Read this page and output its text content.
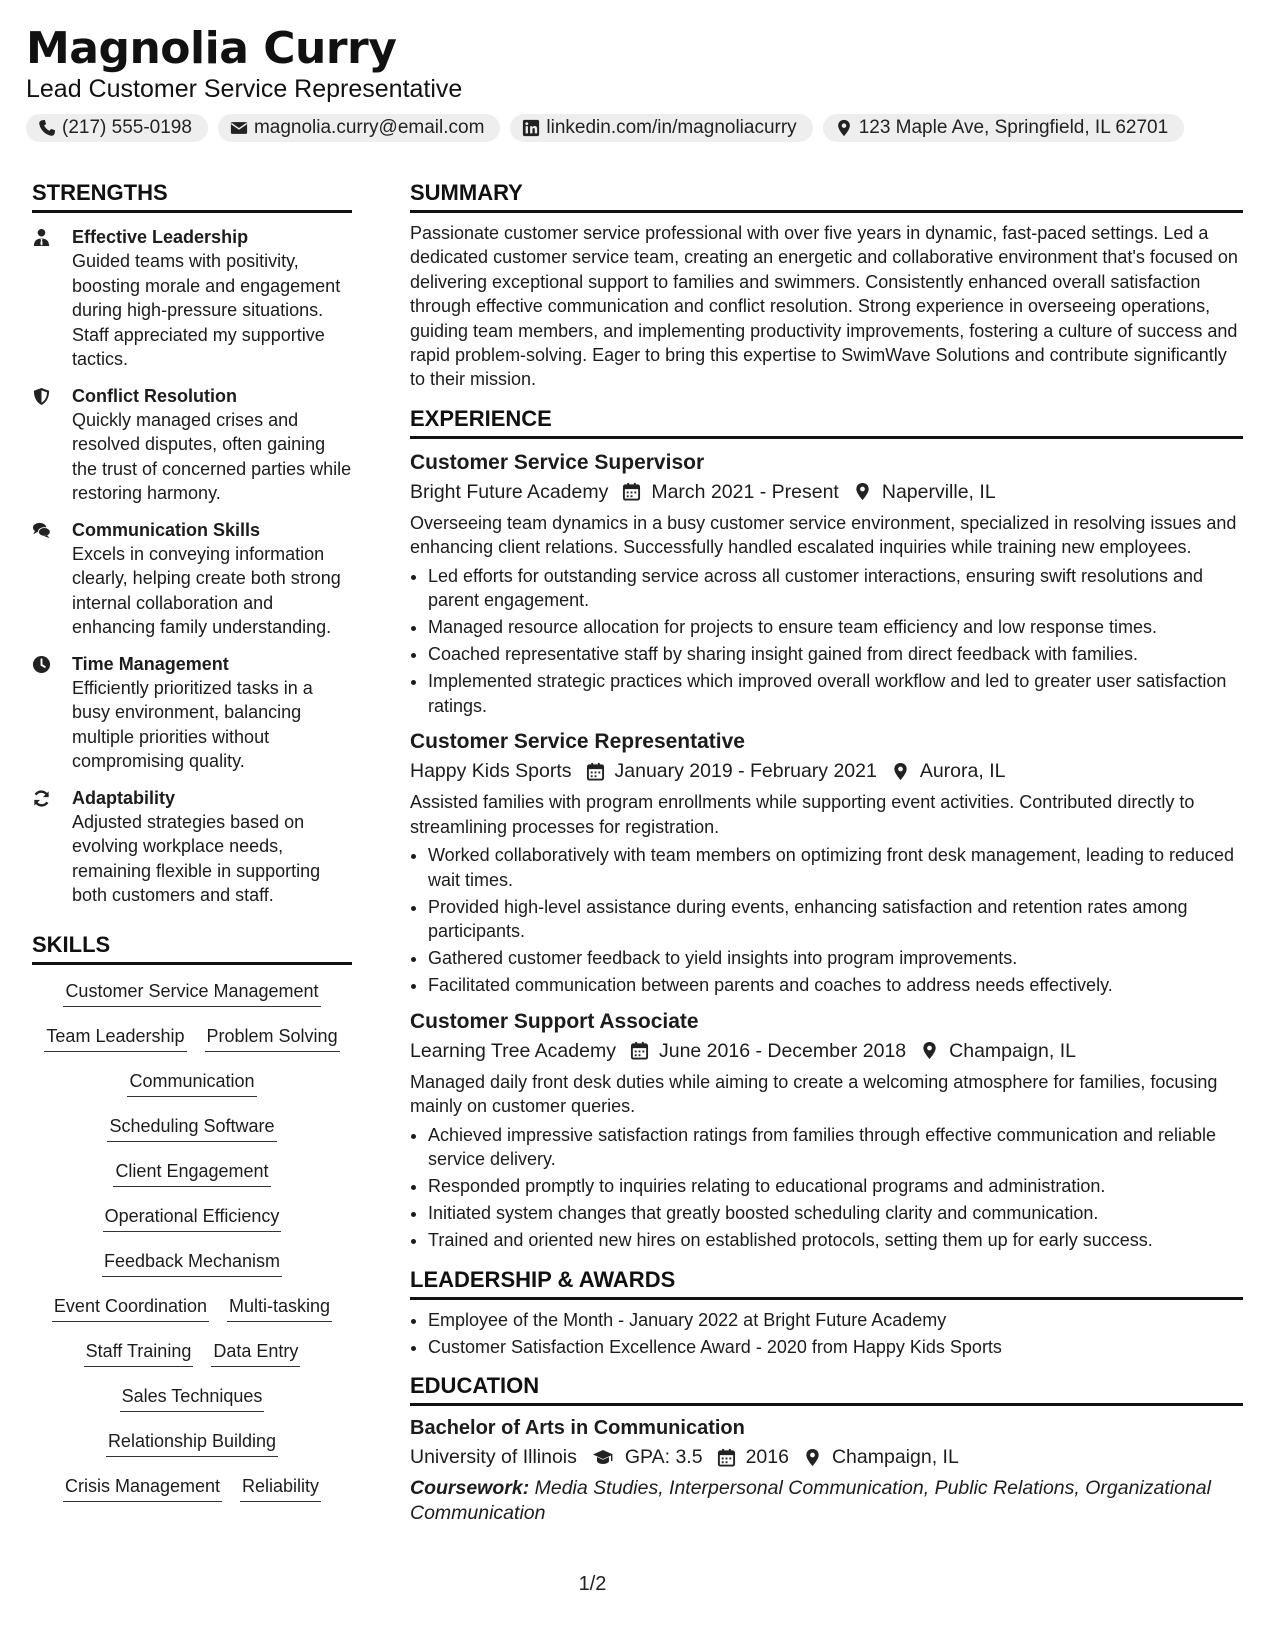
Magnolia Curry
Lead Customer Service Representative
(217) 555-0198	magnolia.curry@email.com	linkedin.com/in/magnoliacurry	123 Maple Ave, Springfield, IL 62701
STRENGTHS
Effective Leadership
Guided teams with positivity, boosting morale and engagement during high-pressure situations. Staff appreciated my supportive tactics.
Conflict Resolution
Quickly managed crises and resolved disputes, often gaining the trust of concerned parties while restoring harmony.
Communication Skills
Excels in conveying information clearly, helping create both strong internal collaboration and enhancing family understanding.
Time Management
Efficiently prioritized tasks in a busy environment, balancing multiple priorities without compromising quality.
Adaptability
Adjusted strategies based on evolving workplace needs, remaining flexible in supporting both customers and staff.
SKILLS
Customer Service Management
Team Leadership Problem Solving
Communication
Scheduling Software
Client Engagement
Operational Efficiency
Feedback Mechanism
Event Coordination Multi-tasking
Staff Training Data Entry
Sales Techniques
Relationship Building
Crisis Management Reliability
SUMMARY
Passionate customer service professional with over five years in dynamic, fast-paced settings. Led a dedicated customer service team, creating an energetic and collaborative environment that's focused on delivering exceptional support to families and swimmers. Consistently enhanced overall satisfaction through effective communication and conflict resolution. Strong experience in overseeing operations, guiding team members, and implementing productivity improvements, fostering a culture of success and rapid problem-solving. Eager to bring this expertise to SwimWave Solutions and contribute significantly to their mission.
EXPERIENCE
Customer Service Supervisor
Bright Future Academy March 2021 - Present Naperville, IL
Overseeing team dynamics in a busy customer service environment, specialized in resolving issues and enhancing client relations. Successfully handled escalated inquiries while training new employees.
• Led efforts for outstanding service across all customer interactions, ensuring swift resolutions and parent engagement.
• Managed resource allocation for projects to ensure team efficiency and low response times.
• Coached representative staff by sharing insight gained from direct feedback with families.
• Implemented strategic practices which improved overall workflow and led to greater user satisfaction ratings.
Customer Service Representative
Happy Kids Sports January 2019 - February 2021 Aurora, IL
Assisted families with program enrollments while supporting event activities. Contributed directly to streamlining processes for registration.
• Worked collaboratively with team members on optimizing front desk management, leading to reduced wait times.
• Provided high-level assistance during events, enhancing satisfaction and retention rates among participants.
• Gathered customer feedback to yield insights into program improvements.
• Facilitated communication between parents and coaches to address needs effectively.
Customer Support Associate
Learning Tree Academy June 2016 - December 2018 Champaign, IL
Managed daily front desk duties while aiming to create a welcoming atmosphere for families, focusing mainly on customer queries.
• Achieved impressive satisfaction ratings from families through effective communication and reliable service delivery.
• Responded promptly to inquiries relating to educational programs and administration.
• Initiated system changes that greatly boosted scheduling clarity and communication.
• Trained and oriented new hires on established protocols, setting them up for early success.
LEADERSHIP & AWARDS
• Employee of the Month - January 2022 at Bright Future Academy
• Customer Satisfaction Excellence Award - 2020 from Happy Kids Sports
EDUCATION
Bachelor of Arts in Communication
University of Illinois GPA: 3.5 2016 Champaign, IL
Coursework: Media Studies, Interpersonal Communication, Public Relations, Organizational Communication
1/2
